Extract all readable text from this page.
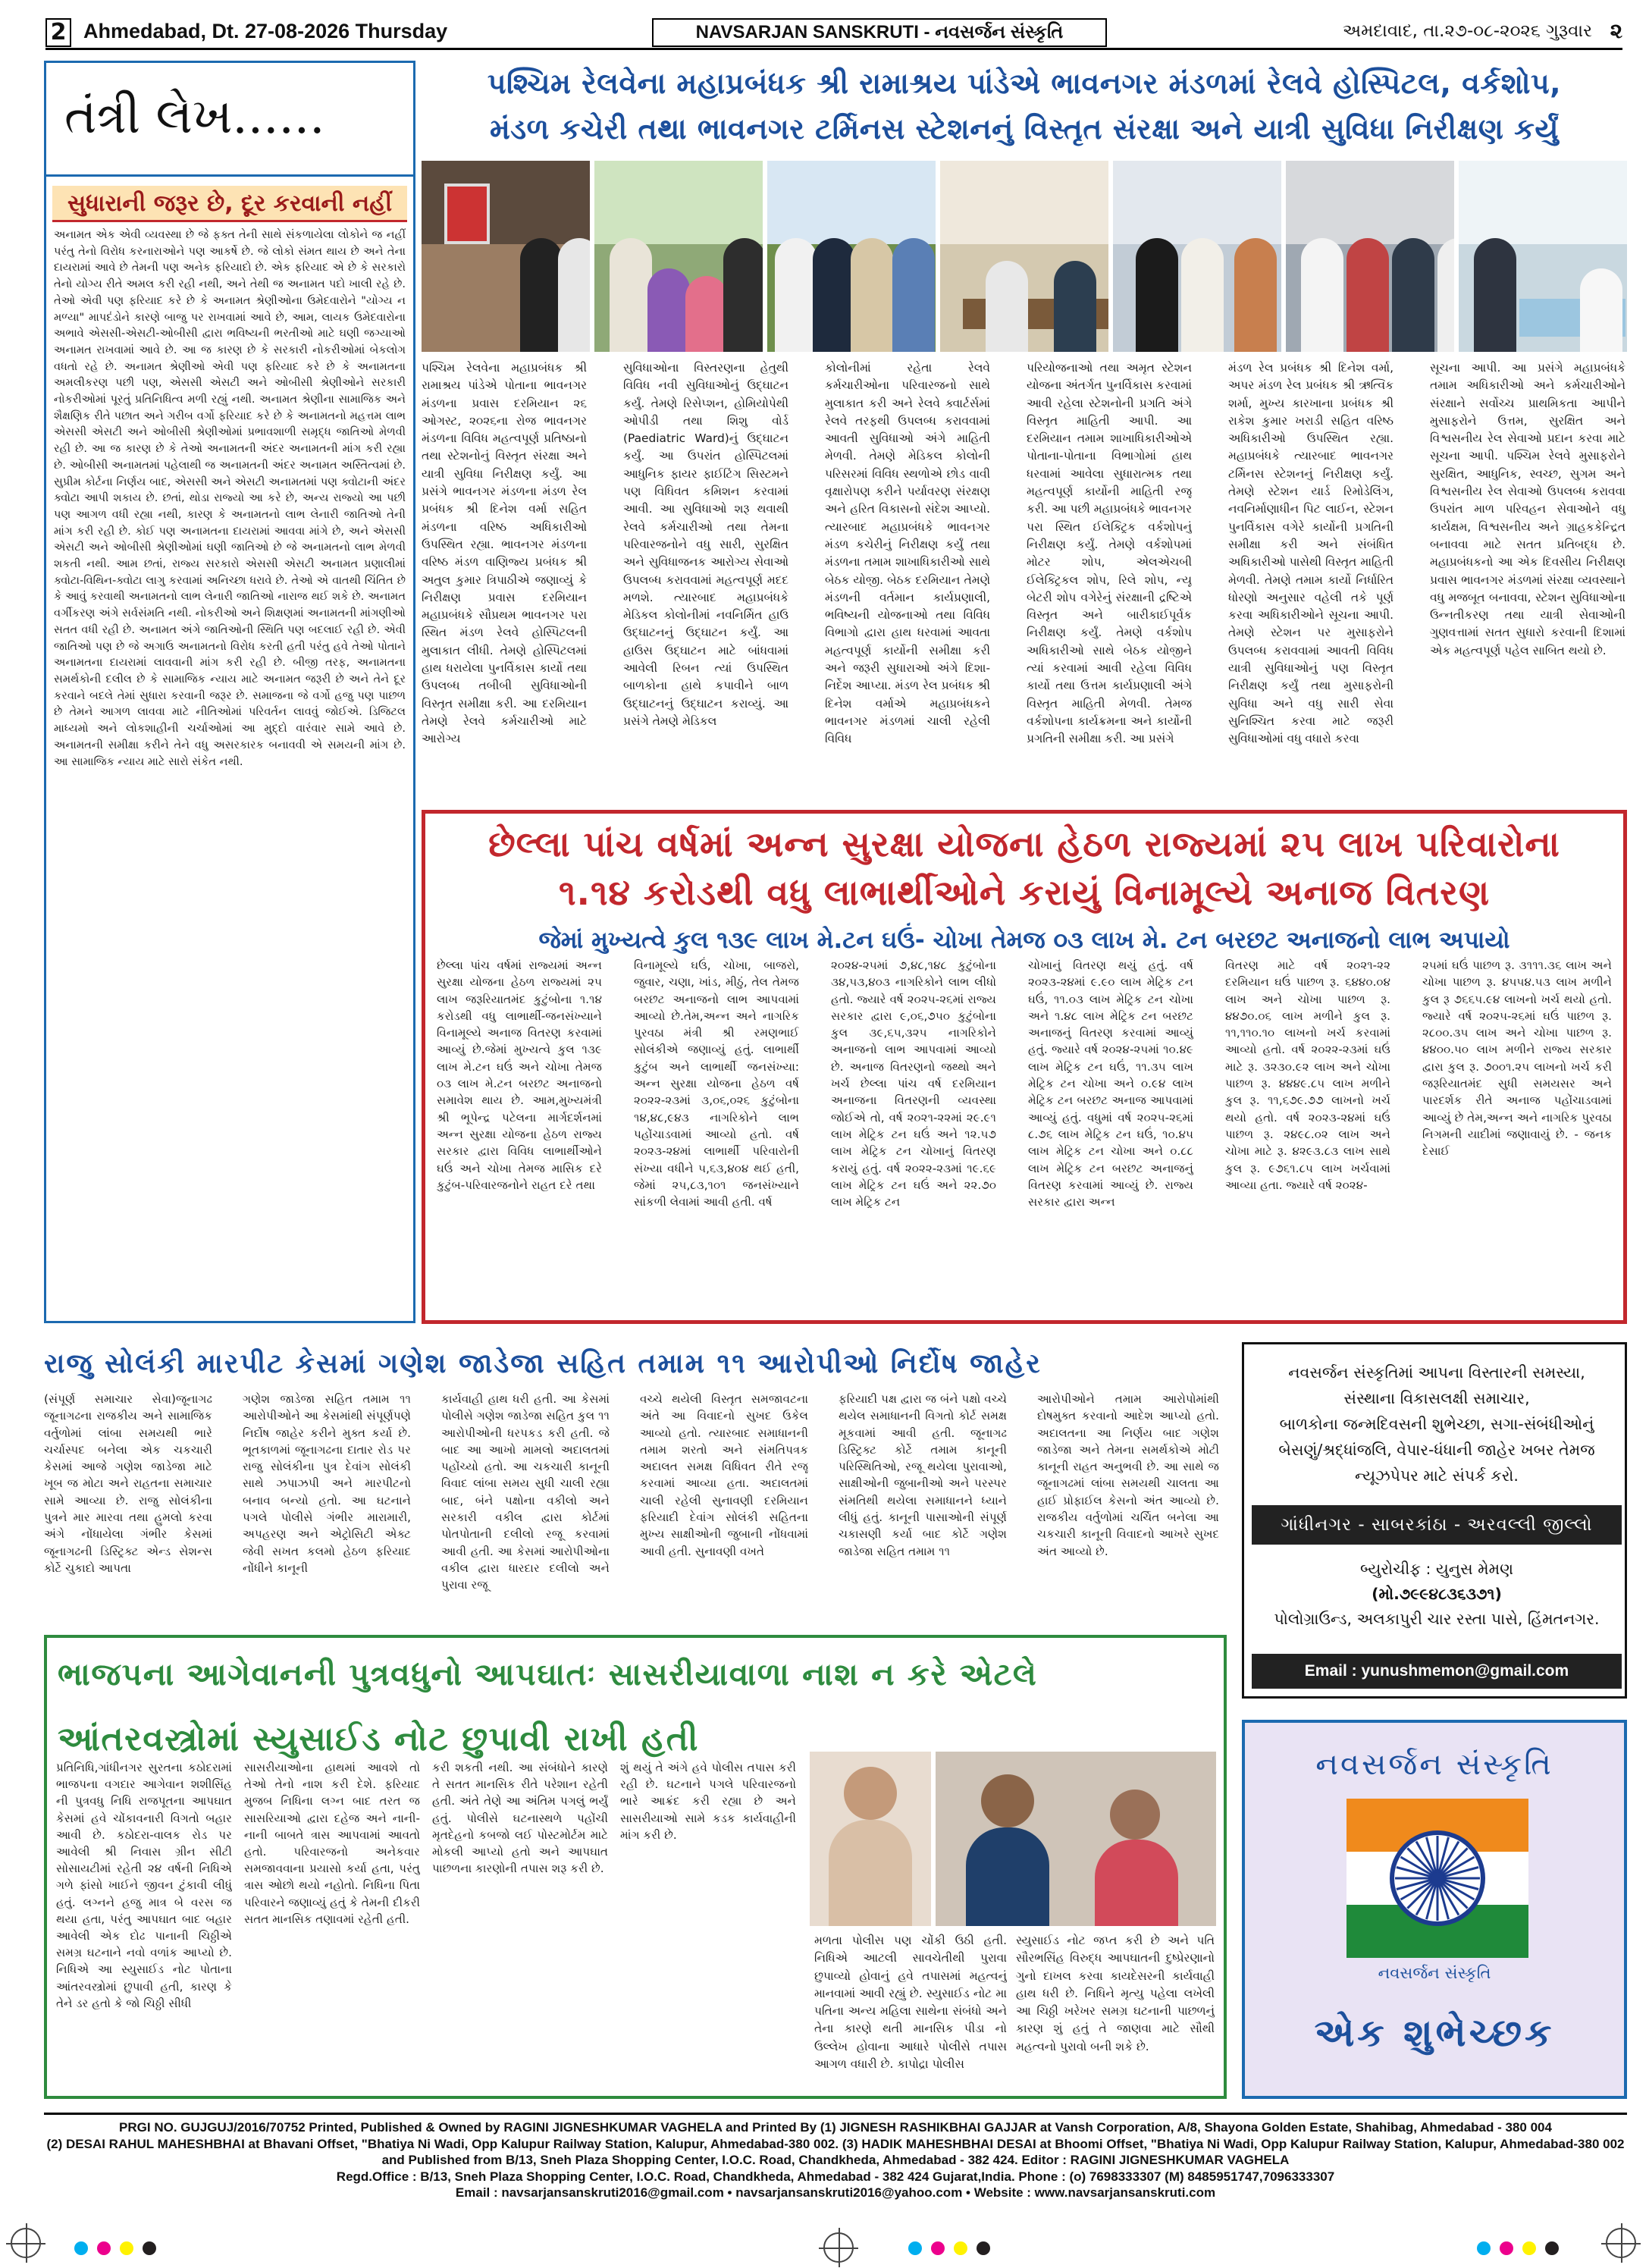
2 Ahmedabad, Dt. 27-08-2026 Thursday	NAVSARJAN SANSKRUTI - નવસર્જન સંસ્કૃતિ	અમદાવાદ, તા.૨૭-૦૮-૨૦૨૬ ગુરૂવાર ૨
તંત્રી લેખ......
સુધારાની જરૂર છે, દૂર કરવાની નહીં
અનામત એક એવી વ્યવસ્થા છે જે ફક્ત તેની સાથે સંકળાયેલા લોકોને જ નહીં પરંતુ તેનો વિરોધ કરનારાઓને પણ આકર્ષે છે. જે લોકો સંમત થાય છે અને તેના દાયરામાં આવે છે તેમની પણ અનેક ફરિયાદો છે. એક ફરિયાદ એ છે કે સરકારો તેનો યોગ્ય રીતે અમલ કરી રહી નથી, અને તેથી જ અનામત પદો ખાલી રહે છે. તેઓ એવી પણ ફરિયાદ કરે છે કે અનામત શ્રેણીઓના ઉમેદવારોને "યોગ્ય ન મળ્યા" માપદંડોને કારણે બાજુ પર રાખવામાં આવે છે, આમ, લાયક ઉમેદવારોના અભાવે એસસી-એસટી-ઓબીસી દ્વારા ભવિષ્યની ભરતીઓ માટે ઘણી જગ્યાઓ અનામત રાખવામાં આવે છે. આ જ કારણ છે કે સરકારી નોકરીઓમાં બેકલોગ વધતો રહે છે. અનામત શ્રેણીઓ એવી પણ ફરિયાદ કરે છે કે અનામતના અમલીકરણ પછી પણ, એસસી એસટી અને ઓબીસી શ્રેણીઓને સરકારી નોકરીઓમાં પૂરતું પ્રતિનિધિત્વ મળી રહ્યું નથી. અનામત શ્રેણીના સામાજિક અને શૈક્ષણિક રીતે પછાત અને ગરીબ વર્ગો ફરિયાદ કરે છે કે અનામતનો મહત્તમ લાભ એસસી એસટી અને ઓબીસી શ્રેણીઓમાં પ્રભાવશાળી સમૃદ્ધ જાતિઓ મેળવી રહી છે. આ જ કારણ છે કે તેઓ અનામતની અંદર અનામતની માંગ કરી રહ્યા છે. ઓબીસી અનામતમાં પહેલાથી જ અનામતની અંદર અનામત અસ્તિત્વમાં છે. સુપ્રીમ કોર્ટના નિર્ણય બાદ, એસસી અને એસટી અનામતમાં પણ ક્વોટાની અંદર ક્વોટા આપી શકાય છે. છતાં, થોડા રાજ્યો આ કરે છે, અન્ય રાજ્યો આ પછી પણ આગળ વધી રહ્યા નથી, કારણ કે અનામતનો લાભ લેનારી જાતિઓ તેની માંગ કરી રહી છે. કોઈ પણ અનામતના દાયરામાં આવવા માંગે છે, અને એસસી એસટી અને ઓબીસી શ્રેણીઓમાં ઘણી જાતિઓ છે જે અનામતનો લાભ મેળવી શકતી નથી. આમ છતાં, રાજ્ય સરકારો એસસી એસટી અનામત પ્રણાલીમાં ક્વોટા-વિથિન-ક્વોટા લાગુ કરવામાં અનિચ્છા ધરાવે છે. તેઓ એ વાતથી ચિંતિત છે કે આવું કરવાથી અનામતનો લાભ લેનારી જાતિઓ નારાજ થઈ શકે છે. અનામત વર્ગીકરણ અંગે સર્વસંમતિ નથી. નોકરીઓ અને શિક્ષણમાં અનામતની માંગણીઓ સતત વધી રહી છે. અનામત અંગે જાતિઓની સ્થિતિ પણ બદલાઈ રહી છે. એવી જાતિઓ પણ છે જે અગાઉ અનામતનો વિરોધ કરતી હતી પરંતુ હવે તેઓ પોતાને અનામતના દાયરામાં લાવવાની માંગ કરી રહી છે. બીજી તરફ, અનામતના સમર્થકોની દલીલ છે કે સામાજિક ન્યાય માટે અનામત જરૂરી છે અને તેને દૂર કરવાને બદલે તેમાં સુધારા કરવાની જરૂર છે. સમાજના જે વર્ગો હજુ પણ પાછળ છે તેમને આગળ લાવવા માટે નીતિઓમાં પરિવર્તન લાવવું જોઈએ. ડિજિટલ માધ્યમો અને લોકશાહીની ચર્ચાઓમાં આ મુદ્દો વારંવાર સામે આવે છે. અનામતની સમીક્ષા કરીને તેને વધુ અસરકારક બનાવવી એ સમયની માંગ છે. આ સામાજિક ન્યાય માટે સારો સંકેત નથી.
પશ્ચિમ રેલવેના મહાપ્રબંધક શ્રી રામાશ્રય પાંડેએ ભાવનગર મંડળમાં રેલવે હોસ્પિટલ, વર્કશોપ,
મંડળ કચેરી તથા ભાવનગર ટર્મિનસ સ્ટેશનનું વિસ્તૃત સંરક્ષા અને યાત્રી સુવિધા નિરીક્ષણ કર્યું
પશ્ચિમ રેલવેના મહાપ્રબંધક શ્રી રામાશ્રય પાંડેએ પોતાના ભાવનગર મંડળના પ્રવાસ દરમિયાન ૨૬ ઓગસ્ટ, ૨૦૨૬ના રોજ ભાવનગર મંડળના વિવિધ મહત્વપૂર્ણ પ્રતિષ્ઠાનો તથા સ્ટેશનોનું વિસ્તૃત સંરક્ષા અને યાત્રી સુવિધા નિરીક્ષણ કર્યું. આ પ્રસંગે ભાવનગર મંડળના મંડળ રેલ પ્રબંધક શ્રી દિનેશ વર્મા સહિત મંડળના વરિષ્ઠ અધિકારીઓ ઉપસ્થિત રહ્યા. ભાવનગર મંડળના વરિષ્ઠ મંડળ વાણિજ્ય પ્રબંધક શ્રી અતુલ કુમાર ત્રિપાઠીએ જણાવ્યું કે નિરીક્ષણ પ્રવાસ દરમિયાન મહાપ્રબંધકે સૌપ્રથમ ભાવનગર પરા સ્થિત મંડળ રેલવે હોસ્પિટલની મુલાકાત લીધી. તેમણે હોસ્પિટલમાં હાથ ધરાયેલા પુનર્વિકાસ કાર્યો તથા ઉપલબ્ધ તબીબી સુવિધાઓની વિસ્તૃત સમીક્ષા કરી. આ દરમિયાન તેમણે રેલવે કર્મચારીઓ માટે આરોગ્ય
સુવિધાઓના વિસ્તરણના હેતુથી વિવિધ નવી સુવિધાઓનું ઉદ્ઘાટન કર્યું. તેમણે રિસેપ્શન, હોમિયોપેથી ઓપીડી તથા શિશુ વોર્ડ (Paediatric Ward)નું ઉદ્ઘાટન કર્યું. આ ઉપરાંત હોસ્પિટલમાં આધુનિક ફાયર ફાઈટિંગ સિસ્ટમને પણ વિધિવત કમિશન કરવામાં આવી. આ સુવિધાઓ શરૂ થવાથી રેલવે કર્મચારીઓ તથા તેમના પરિવારજનોને વધુ સારી, સુરક્ષિત અને સુવિધાજનક આરોગ્ય સેવાઓ ઉપલબ્ધ કરાવવામાં મહત્વપૂર્ણ મદદ મળશે. ત્યારબાદ મહાપ્રબંધકે મેડિકલ કોલોનીમાં નવનિર્મિત હાઉ ઉદ્ઘાટનનું ઉદ્ઘાટન કર્યું. આ હાઉસ ઉદ્ઘાટન માટે બાંધવામાં આવેલી રિબન ત્યાં ઉપસ્થિત બાળકોના હાથે કપાવીને બાળ ઉદ્ઘાટનનું ઉદ્ઘાટન કરાવ્યું. આ પ્રસંગે તેમણે મેડિકલ
કોલોનીમાં રહેતા રેલવે કર્મચારીઓના પરિવારજનો સાથે મુલાકાત કરી અને રેલવે ક્વાર્ટર્સમાં રેલવે તરફથી ઉપલબ્ધ કરાવવામાં આવતી સુવિધાઓ અંગે માહિતી મેળવી. તેમણે મેડિકલ કોલોની પરિસરમાં વિવિધ સ્થળોએ છોડ વાવી વૃક્ષારોપણ કરીને પર્યાવરણ સંરક્ષણ અને હરિત વિકાસનો સંદેશ આપ્યો. ત્યારબાદ મહાપ્રબંધકે ભાવનગર મંડળ કચેરીનું નિરીક્ષણ કર્યું તથા મંડળના તમામ શાખાધિકારીઓ સાથે બેઠક યોજી. બેઠક દરમિયાન તેમણે મંડળની વર્તમાન કાર્યપ્રણાલી, ભવિષ્યની યોજનાઓ તથા વિવિધ વિભાગો દ્વારા હાથ ધરવામાં આવતા મહત્વપૂર્ણ કાર્યોની સમીક્ષા કરી અને જરૂરી સુધારાઓ અંગે દિશા-નિર્દેશ આપ્યા. મંડળ રેલ પ્રબંધક શ્રી દિનેશ વર્માએ મહાપ્રબંધકને ભાવનગર મંડળમાં ચાલી રહેલી વિવિધ
પરિયોજનાઓ તથા અમૃત સ્ટેશન યોજના અંતર્ગત પુનર્વિકાસ કરવામાં આવી રહેલા સ્ટેશનોની પ્રગતિ અંગે વિસ્તૃત માહિતી આપી. આ દરમિયાન તમામ શાખાધિકારીઓએ પોતાના-પોતાના વિભાગોમાં હાથ ધરવામાં આવેલા સુધારાત્મક તથા મહત્વપૂર્ણ કાર્યોની માહિતી રજૂ કરી. આ પછી મહાપ્રબંધકે ભાવનગર પરા સ્થિત ઈલેક્ટ્રિક વર્કશોપનું નિરીક્ષણ કર્યું. તેમણે વર્કશોપમાં મોટર શોપ, એલએચબી ઈલેક્ટ્રિકલ શોપ, રિલે શોપ, ન્યૂ બેટરી શોપ વગેરેનું સંરક્ષાની દ્રષ્ટિએ વિસ્તૃત અને બારીકાઈપૂર્વક નિરીક્ષણ કર્યું. તેમણે વર્કશોપ અધિકારીઓ સાથે બેઠક યોજીને ત્યાં કરવામાં આવી રહેલા વિવિધ કાર્યો તથા ઉત્તમ કાર્યપ્રણાલી અંગે વિસ્તૃત માહિતી મેળવી. તેમજ વર્કશોપના કાર્યક્રમના અને કાર્યોની પ્રગતિની સમીક્ષા કરી. આ પ્રસંગે
મંડળ રેલ પ્રબંધક શ્રી દિનેશ વર્મા, અપર મંડળ રેલ પ્રબંધક શ્રી ઋત્વિક શર્મા, મુખ્ય કારખાના પ્રબંધક શ્રી રાકેશ કુમાર ખરાડી સહિત વરિષ્ઠ અધિકારીઓ ઉપસ્થિત રહ્યા. મહાપ્રબંધકે ત્યારબાદ ભાવનગર ટર્મિનસ સ્ટેશનનું નિરીક્ષણ કર્યું. તેમણે સ્ટેશન યાર્ડ રિમોડેલિંગ, નવનિર્માણાધીન પિટ લાઈન, સ્ટેશન પુનર્વિકાસ વગેરે કાર્યોની પ્રગતિની સમીક્ષા કરી અને સંબંધિત અધિકારીઓ પાસેથી વિસ્તૃત માહિતી મેળવી. તેમણે તમામ કાર્યો નિર્ધારિત ધોરણો અનુસાર વહેલી તકે પૂર્ણ કરવા અધિકારીઓને સૂચના આપી. તેમણે સ્ટેશન પર મુસાફરોને ઉપલબ્ધ કરાવવામાં આવતી વિવિધ યાત્રી સુવિધાઓનું પણ વિસ્તૃત નિરીક્ષણ કર્યું તથા મુસાફરોની સુવિધા અને વધુ સારી સેવા સુનિશ્ચિત કરવા માટે જરૂરી સુવિધાઓમાં વધુ વધારો કરવા
સૂચના આપી. આ પ્રસંગે મહાપ્રબંધકે તમામ અધિકારીઓ અને કર્મચારીઓને સંરક્ષાને સર્વોચ્ચ પ્રાથમિકતા આપીને મુસાફરોને ઉત્તમ, સુરક્ષિત અને વિશ્વસનીય રેલ સેવાઓ પ્રદાન કરવા માટે સૂચના આપી. પશ્ચિમ રેલવે મુસાફરોને સુરક્ષિત, આધુનિક, સ્વચ્છ, સુગમ અને વિશ્વસનીય રેલ સેવાઓ ઉપલબ્ધ કરાવવા ઉપરાંત માળ પરિવહન સેવાઓને વધુ કાર્યક્ષમ, વિશ્વસનીય અને ગ્રાહકકેન્દ્રિત બનાવવા માટે સતત પ્રતિબદ્ધ છે. મહાપ્રબંધકનો આ એક દિવસીય નિરીક્ષણ પ્રવાસ ભાવનગર મંડળમાં સંરક્ષા વ્યવસ્થાને વધુ મજબૂત બનાવવા, સ્ટેશન સુવિધાઓના ઉન્નતીકરણ તથા યાત્રી સેવાઓની ગુણવત્તામાં સતત સુધારો કરવાની દિશામાં એક મહત્વપૂર્ણ પહેલ સાબિત થયો છે.
છેલ્લા પાંચ વર્ષમાં અન્ન સુરક્ષા યોજના હેઠળ રાજ્યમાં ૨૫ લાખ પરિવારોના
૧.૧૪ કરોડથી વધુ લાભાર્થીઓને કરાયું વિનામૂલ્યે અનાજ વિતરણ
જેમાં મુખ્યત્વે કુલ ૧૩૯ લાખ મે.ટન ઘઉં- ચોખા તેમજ ૦૩ લાખ મે. ટન બરછટ અનાજનો લાભ અપાયો
છેલ્લા પાંચ વર્ષમાં રાજ્યમાં અન્ન સુરક્ષા યોજના હેઠળ રાજ્યમાં ૨૫ લાખ જરૂરિયાતમંદ કુટુંબોના ૧.૧૪ કરોડથી વધુ લાભાર્થી-જનસંખ્યાને વિનામૂલ્યે અનાજ વિતરણ કરવામાં આવ્યું છે.જેમાં મુખ્યત્વે કુલ ૧૩૯ લાખ મે.ટન ઘઉં અને ચોખા તેમજ ૦૩ લાખ મે.ટન બરછટ અનાજનો સમાવેશ થાય છે. આમ,મુખ્યમંત્રી શ્રી ભૂપેન્દ્ર પટેલના માર્ગદર્શનમાં અન્ન સુરક્ષા યોજના હેઠળ રાજ્ય સરકાર દ્વારા વિવિધ લાભાર્થીઓને ઘઉં અને ચોખા તેમજ માસિક દરે કુટુંબ-પરિવારજનોને રાહત દરે તથા
વિનામૂલ્યે ઘઉં, ચોખા, બાજરો, જુવાર, ચણા, ખાંડ, મીઠું, તેલ તેમજ બરછટ અનાજનો લાભ આપવામાં આવ્યો છે.તેમ,અન્ન અને નાગરિક પુરવઠા મંત્રી શ્રી રમણભાઈ સોલંકીએ જણાવ્યું હતું. લાભાર્થી કુટુંબ અને લાભાર્થી જનસંખ્યા: અન્ન સુરક્ષા યોજના હેઠળ વર્ષ ૨૦૨૨-૨૩માં ૩,૦૬,૦૨૬ કુટુંબોના ૧૪,૪૮,૯૪૩ નાગરિકોને લાભ પહોંચાડવામાં આવ્યો હતો. વર્ષ ૨૦૨૩-૨૪માં લાભાર્થી પરિવારોની સંખ્યા વધીને ૫,૬૩,૪૦૪ થઈ હતી, જેમાં ૨૫,૮૩,૧૦૧ જનસંખ્યાને સાંકળી લેવામાં આવી હતી. વર્ષ
૨૦૨૪-૨૫માં ૭,૪૮,૧૪૮ કુટુંબોના ૩૪,૫૩,૪૦૩ નાગરિકોને લાભ લીધો હતો. જ્યારે વર્ષ ૨૦૨૫-૨૬માં રાજ્ય સરકાર દ્વારા ૯,૦૬,૭૫૦ કુટુંબોના કુલ ૩૯,૬૫,૩૨૫ નાગરિકોને અનાજનો લાભ આપવામાં આવ્યો છે. અનાજ વિતરણનો જથ્થો અને ખર્ચ છેલ્લા પાંચ વર્ષ દરમિયાન અનાજના વિતરણની વ્યવસ્થા જોઈએ તો, વર્ષ ૨૦૨૧-૨૨માં ૨૯.૯૧ લાખ મેટ્રિક ટન ઘઉં અને ૧૨.૫૭ લાખ મેટ્રિક ટન ચોખાનું વિતરણ કરાયું હતું. વર્ષ ૨૦૨૨-૨૩માં ૧૯.૬૯ લાખ મેટ્રિક ટન ઘઉં અને ૨૨.૭૦ લાખ મેટ્રિક ટન
ચોખાનું વિતરણ થયું હતું. વર્ષ ૨૦૨૩-૨૪માં ૯.૯૦ લાખ મેટ્રિક ટન ઘઉં, ૧૧.૦૩ લાખ મેટ્રિક ટન ચોખા અને ૧.૪૮ લાખ મેટ્રિક ટન બરછટ અનાજનું વિતરણ કરવામાં આવ્યું હતું. જ્યારે વર્ષ ૨૦૨૪-૨૫માં ૧૦.૪૯ લાખ મેટ્રિક ટન ઘઉં, ૧૧.૩૫ લાખ મેટ્રિક ટન ચોખા અને ૦.૯૪ લાખ મેટ્રિક ટન બરછટ અનાજ આપવામાં આવ્યું હતું. વધુમાં વર્ષ ૨૦૨૫-૨૬માં ૮.૭૬ લાખ મેટ્રિક ટન ઘઉં, ૧૦.૪૫ લાખ મેટ્રિક ટન ચોખા અને ૦.૮૮ લાખ મેટ્રિક ટન બરછટ અનાજનું વિતરણ કરવામાં આવ્યું છે. રાજ્ય સરકાર દ્વારા અન્ન
વિતરણ માટે વર્ષ ૨૦૨૧-૨૨ દરમિયાન ઘઉં પાછળ રૂ. ૬૪૪૦.૦૪ લાખ અને ચોખા પાછળ રૂ. ૪૪૭૦.૦૬ લાખ મળીને કુલ રૂ. ૧૧,૧૧૦.૧૦ લાખનો ખર્ચ કરવામાં આવ્યો હતો. વર્ષ ૨૦૨૨-૨૩માં ઘઉં માટે રૂ. ૩૨૩૦.૯૨ લાખ અને ચોખા પાછળ રૂ. ૪૪૪૯.૮૫ લાખ મળીને કુલ રૂ. ૧૧,૬૭૯.૭૭ લાખનો ખર્ચ થયો હતો. વર્ષ ૨૦૨૩-૨૪માં ઘઉં પાછળ રૂ. ૨૪૯૮.૦૨ લાખ અને ચોખા માટે રૂ. ૪૨૯૩.૮૩ લાખ સાથે કુલ રૂ. ૯૭૬૧.૮૫ લાખ ખર્ચવામાં આવ્યા હતા. જ્યારે વર્ષ ૨૦૨૪-
૨૫માં ઘઉં પાછળ રૂ. ૩૧૧૧.૩૬ લાખ અને ચોખા પાછળ રૂ. ૪૫૫૪.૫૩ લાખ મળીને કુલ રૂ ૭૬૬૫.૯૪ લાખનો ખર્ચ થયો હતો. જ્યારે વર્ષ ૨૦૨૫-૨૬માં ઘઉં પાછળ રૂ. ૨૮૦૦.૩૫ લાખ અને ચોખા પાછળ રૂ. ૪૪૦૦.૫૦ લાખ મળીને રાજ્ય સરકાર દ્વારા કુલ રૂ. ૭૦૦૧.૨૫ લાખનો ખર્ચ કરી જરૂરિયાતમંદ સુધી સમયસર અને પારદર્શક રીતે અનાજ પહોંચાડવામાં આવ્યું છે તેમ,અન્ન અને નાગરિક પુરવઠા નિગમની યાદીમાં જણાવાયું છે. - જનક દેસાઈ
રાજુ સોલંકી મારપીટ કેસમાં ગણેશ જાડેજા સહિત તમામ ૧૧ આરોપીઓ નિર્દોષ જાહેર
(સંપૂર્ણ સમાચાર સેવા)જૂનાગઢ જૂનાગઢના રાજકીય અને સામાજિક વર્તુળોમાં લાંબા સમયથી ભારે ચર્ચાસ્પદ બનેલા એક ચકચારી કેસમાં આજે ગણેશ જાડેજા માટે ખૂબ જ મોટા અને રાહતના સમાચાર સામે આવ્યા છે. રાજુ સોલંકીના પુત્રને માર મારવા તથા હુમલો કરવા અંગે નોંધાયેલા ગંભીર કેસમાં જૂનાગઢની ડિસ્ટ્રિક્ટ એન્ડ સેશન્સ કોર્ટે ચુકાદો આપતા
ગણેશ જાડેજા સહિત તમામ ૧૧ આરોપીઓને આ કેસમાંથી સંપૂર્ણપણે નિર્દોષ જાહેર કરીને મુક્ત કર્યા છે. ભૂતકાળમાં જૂનાગઢના દાતાર રોડ પર રાજુ સોલંકીના પુત્ર દેવાંગ સોલંકી સાથે ઝપાઝપી અને મારપીટનો બનાવ બન્યો હતો. આ ઘટનાને પગલે પોલીસે ગંભીર મારામારી, અપહરણ અને એટ્રોસિટી એક્ટ જેવી સખત કલમો હેઠળ ફરિયાદ નોંધીને કાનૂની
કાર્યવાહી હાથ ધરી હતી. આ કેસમાં પોલીસે ગણેશ જાડેજા સહિત કુલ ૧૧ આરોપીઓની ધરપકડ કરી હતી. જે બાદ આ આખો મામલો અદાલતમાં પહોંચ્યો હતો. આ ચકચારી કાનૂની વિવાદ લાંબા સમય સુધી ચાલી રહ્યા બાદ, બંને પક્ષોના વકીલો અને સરકારી વકીલ દ્વારા કોર્ટમાં પોતપોતાની દલીલો રજૂ કરવામાં આવી હતી. આ કેસમાં આરોપીઓના વકીલ દ્વારા ધારદાર દલીલો અને પુરાવા રજૂ
વચ્ચે થયેલી વિસ્તૃત સમજાવટના અંતે આ વિવાદનો સુખદ ઉકેલ આવ્યો હતો. ત્યારબાદ સમાધાનની તમામ શરતો અને સંમતિપત્રક અદાલત સમક્ષ વિધિવત રીતે રજૂ કરવામાં આવ્યા હતા. અદાલતમાં ચાલી રહેલી સુનાવણી દરમિયાન ફરિયાદી દેવાંગ સોલંકી સહિતના મુખ્ય સાક્ષીઓની જુબાની નોંધવામાં આવી હતી. સુનાવણી વખતે
ફરિયાદી પક્ષ દ્વારા જ બંને પક્ષો વચ્ચે થયેલ સમાધાનની વિગતો કોર્ટ સમક્ષ મૂકવામાં આવી હતી. જૂનાગઢ ડિસ્ટ્રિક્ટ કોર્ટે તમામ કાનૂની પરિસ્થિતિઓ, રજૂ થયેલા પુરાવાઓ, સાક્ષીઓની જુબાનીઓ અને પરસ્પર સંમતિથી થયેલા સમાધાનને ધ્યાને લીધું હતું. કાનૂની પાસાઓની સંપૂર્ણ ચકાસણી કર્યા બાદ કોર્ટે ગણેશ જાડેજા સહિત તમામ ૧૧
આરોપીઓને તમામ આરોપોમાંથી દોષમુક્ત કરવાનો આદેશ આપ્યો હતો. અદાલતના આ નિર્ણય બાદ ગણેશ જાડેજા અને તેમના સમર્થકોએ મોટી કાનૂની રાહત અનુભવી છે. આ સાથે જ જૂનાગઢમાં લાંબા સમયથી ચાલતા આ હાઈ પ્રોફાઈલ કેસનો અંત આવ્યો છે. રાજકીય વર્તુળોમાં ચર્ચિત બનેલા આ ચકચારી કાનૂની વિવાદનો આખરે સુખદ અંત આવ્યો છે.
નવસર્જન સંસ્કૃતિમાં આપના વિસ્તારની સમસ્યા,
સંસ્થાના વિકાસલક્ષી સમાચાર,
બાળકોના જન્મદિવસની શુભેચ્છા, સગા-સંબંધીઓનું
બેસણું/શ્રદ્ધાંજલિ, વેપાર-ધંધાની જાહેર ખબર તેમજ
ન્યૂઝપેપર માટે સંપર્ક કરો.
ગાંધીનગર - સાબરકાંઠા - અરવલ્લી જીલ્લો
બ્યુરોચીફ : યુનુસ મેમણ
(મો.૭૯૯૪૮૩૬૩૭૧)
પોલોગ્રાઉન્ડ, અલકાપુરી ચાર રસ્તા પાસે, હિંમતનગર.
Email : yunushmemon@gmail.com
ભાજપના આગેવાનની પુત્રવધુનો આપઘાતઃ સાસરીયાવાળા નાશ ન કરે એટલે
આંતરવસ્ત્રોમાં સ્યુસાઈડ નોટ છુપાવી રાખી હતી
પ્રતિનિધિ,ગાંધીનગર સુરતના કઠોદરામાં ભાજપના વગદાર આગેવાન શશીસિંહ ની પુત્રવધુ નિધિ રાજપૂતના આપઘાત કેસમાં હવે ચોંકાવનારી વિગતો બહાર આવી છે. કઠોદરા-વાલક રોડ પર આવેલી શ્રી નિવાસ ગ્રીન સીટી સોસાયટીમાં રહેતી ૨૪ વર્ષની નિધિએ ગળે ફાંસો ખાઈને જીવન ટુંકાવી લીધું હતું. લગ્નને હજુ માત્ર બે વરસ જ થયા હતા, પરંતુ આપઘાત બાદ બહાર આવેલી એક દોઢ પાનાની ચિઠ્ઠીએ સમગ્ર ઘટનાને નવો વળાંક આપ્યો છે. નિધિએ આ સ્યુસાઈડ નોટ પોતાના આંતરવસ્ત્રોમાં છુપાવી હતી, કારણ કે તેને ડર હતો કે જો ચિઠ્ઠી સીધી
સાસરીયાઓના હાથમાં આવશે તો તેઓ તેનો નાશ કરી દેશે. ફરિયાદ મુજબ નિધિના લગ્ન બાદ તરત જ સાસરિયાઓ દ્વારા દહેજ અને નાની-નાની બાબતે ત્રાસ આપવામાં આવતો હતો. પરિવારજનો અનેકવાર સમજાવવાના પ્રયાસો કર્યા હતા, પરંતુ ત્રાસ ઓછો થયો નહોતો. નિધિના પિતા પરિવારને જણાવ્યું હતું કે તેમની દીકરી સતત માનસિક તણાવમાં રહેતી હતી.
કરી શકતી નથી. આ સંબંધોને કારણે તે સતત માનસિક રીતે પરેશાન રહેતી હતી. અંતે તેણે આ અંતિમ પગલું ભર્યું હતું. પોલીસે ઘટનાસ્થળે પહોંચી મૃતદેહનો કબજો લઈ પોસ્ટમોર્ટમ માટે મોકલી આપ્યો હતો અને આપઘાત પાછળના કારણોની તપાસ શરૂ કરી છે.
શું થયું તે અંગે હવે પોલીસ તપાસ કરી રહી છે. ઘટનાને પગલે પરિવારજનો ભારે આક્રંદ કરી રહ્યા છે અને સાસરીયાઓ સામે કડક કાર્યવાહીની માંગ કરી છે.
મળતા પોલીસ પણ ચોંકી ઉઠી હતી. નિધિએ આટલી સાવચેતીથી પુરાવા છુપાવ્યો હોવાનું હવે તપાસમાં મહત્વનું માનવામાં આવી રહ્યું છે. સ્યુસાઈડ નોટ મા પતિના અન્ય મહિલા સાથેના સંબંધો અને તેના કારણે થતી માનસિક પીડા નો ઉલ્લેખ હોવાના આધારે પોલીસે તપાસ આગળ વધારી છે. કાપોદ્રા પોલીસ
સ્યુસાઈડ નોટ જપ્ત કરી છે અને પતિ સૌરભસિંહ વિરુદ્ધ આપઘાતની દુષ્પ્રેરણાનો ગુનો દાખલ કરવા કાયદેસરની કાર્યવાહી હાથ ધરી છે. નિધિને મૃત્યુ પહેલા લખેલી આ ચિઠ્ઠી ખરેખર સમગ્ર ઘટનાની પાછળનું કારણ શું હતું તે જાણવા માટે સૌથી મહત્વનો પુરાવો બની શકે છે.
નવસર્જન સંસ્કૃતિ
નવસર્જન સંસ્કૃતિ
એક શુભેચ્છક
PRGI NO. GUJGUJ/2016/70752 Printed, Published & Owned by RAGINI JIGNESHKUMAR VAGHELA and Printed By (1) JIGNESH RASHIKBHAI GAJJAR at Vansh Corporation, A/8, Shayona Golden Estate, Shahibag, Ahmedabad - 380 004
(2) DESAI RAHUL MAHESHBHAI at Bhavani Offset, "Bhatiya Ni Wadi, Opp Kalupur Railway Station, Kalupur, Ahmedabad-380 002. (3) HADIK MAHESHBHAI DESAI at Bhoomi Offset, "Bhatiya Ni Wadi, Opp Kalupur Railway Station, Kalupur, Ahmedabad-380 002
and Published from B/13, Sneh Plaza Shopping Center, I.O.C. Road, Chandkheda, Ahmedabad - 382 424. Editor : RAGINI JIGNESHKUMAR VAGHELA
Regd.Office : B/13, Sneh Plaza Shopping Center, I.O.C. Road, Chandkheda, Ahmedabad - 382 424 Gujarat,India. Phone : (o) 7698333307 (M) 8485951747,7096333307
Email : navsarjansanskruti2016@gmail.com • navsarjansanskruti2016@yahoo.com • Website : www.navsarjansanskruti.com
